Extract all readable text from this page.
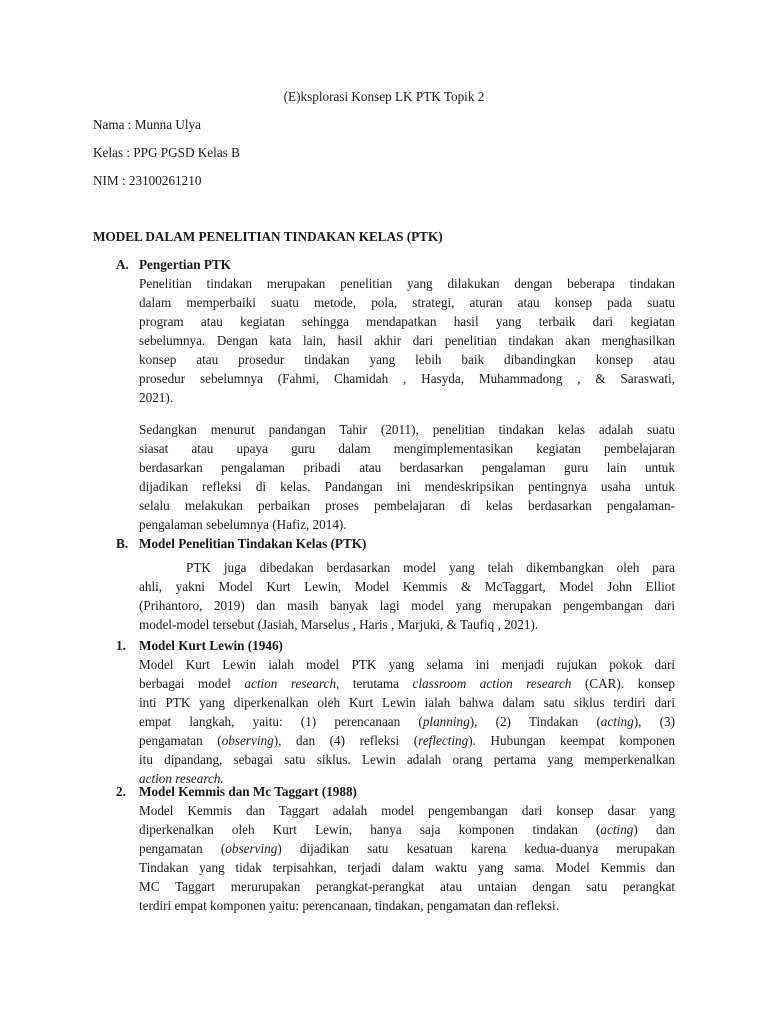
(E)ksplorasi Konsep LK PTK Topik 2
Nama : Munna Ulya
Kelas : PPG PGSD Kelas B
NIM : 23100261210
MODEL DALAM PENELITIAN TINDAKAN KELAS (PTK)
A. Pengertian PTK
Penelitian tindakan merupakan penelitian yang dilakukan dengan beberapa tindakan
dalam memperbaiki suatu metode, pola, strategi, aturan atau konsep pada suatu
program atau kegiatan sehingga mendapatkan hasil yang terbaik dari kegiatan
sebelumnya. Dengan kata lain, hasil akhir dari penelitian tindakan akan menghasilkan
konsep atau prosedur tindakan yang lebih baik dibandingkan konsep atau
prosedur sebelumnya (Fahmi, Chamidah , Hasyda, Muhammadong , & Saraswati,
2021).
Sedangkan menurut pandangan Tahir (2011), penelitian tindakan kelas adalah suatu
siasat atau upaya guru dalam mengimplementasikan kegiatan pembelajaran
berdasarkan pengalaman pribadi atau berdasarkan pengalaman guru lain untuk
dijadikan refleksi di kelas. Pandangan ini mendeskripsikan pentingnya usaha untuk
selalu melakukan perbaikan proses pembelajaran di kelas berdasarkan pengalaman-
pengalaman sebelumnya (Hafiz, 2014).
B. Model Penelitian Tindakan Kelas (PTK)
PTK juga dibedakan berdasarkan model yang telah dikembangkan oleh para
ahli, yakni Model Kurt Lewin, Model Kemmis & McTaggart, Model John Elliot
(Prihantoro, 2019) dan masih banyak lagi model yang merupakan pengembangan dari
model-model tersebut (Jasiah, Marselus , Haris , Marjuki, & Taufiq , 2021).
1. Model Kurt Lewin (1946)
Model Kurt Lewin ialah model PTK yang selama ini menjadi rujukan pokok dari
berbagai model action research, terutama classroom action research (CAR). konsep
inti PTK yang diperkenalkan oleh Kurt Lewin ialah bahwa dalam satu siklus terdiri dari
empat langkah, yaitu: (1) perencanaan (planning), (2) Tindakan (acting), (3)
pengamatan (observing), dan (4) refleksi (reflecting). Hubungan keempat komponen
itu dipandang, sebagai satu siklus. Lewin adalah orang pertama yang memperkenalkan
action research.
2. Model Kemmis dan Mc Taggart (1988)
Model Kemmis dan Taggart adalah model pengembangan dari konsep dasar yang
diperkenalkan oleh Kurt Lewin, hanya saja komponen tindakan (acting) dan
pengamatan (observing) dijadikan satu kesatuan karena kedua-duanya merupakan
Tindakan yang tidak terpisahkan, terjadi dalam waktu yang sama. Model Kemmis dan
MC Taggart merurupakan perangkat-perangkat atau untaian dengan satu perangkat
terdiri empat komponen yaitu: perencanaan, tindakan, pengamatan dan refleksi.
